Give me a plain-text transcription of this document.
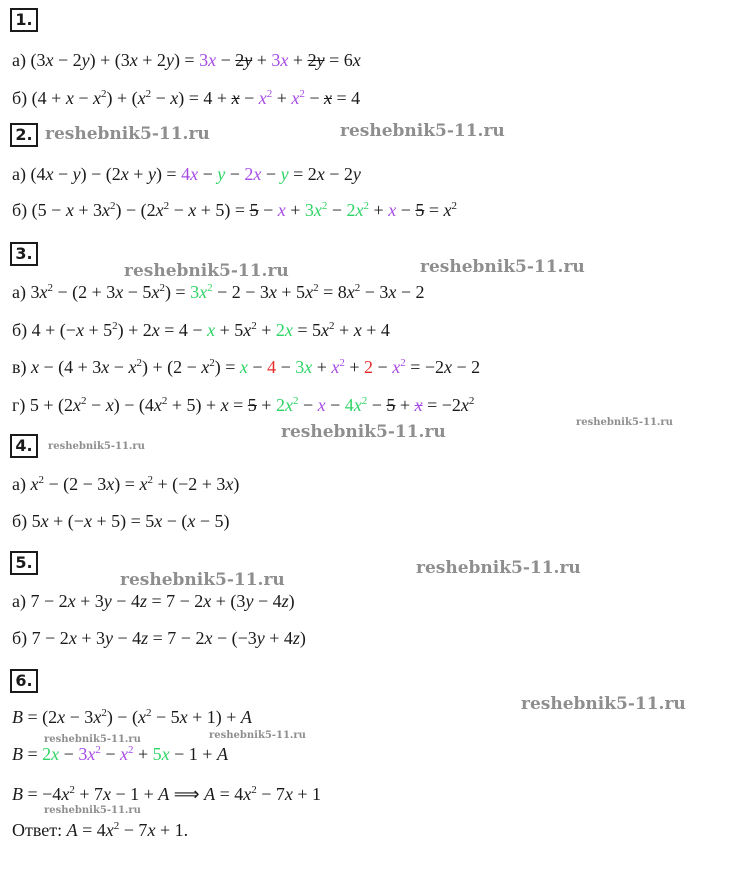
1.
а) (3x − 2y) + (3x + 2y) = 3x − 2y + 3x + 2y = 6x
б) $(4 + x - x^2) + (x^2 - x) = 4 + x - x^2 + x^2 - x = 4$
2. reshebnik5-11.ru	reshebnik5-11.ru
а) (4x − y) − (2x + y) = 4x − y − 2x − y = 2x − 2y
б) $(5 - x + 3x^2) - (2x^2 - x + 5) = 5 - x + 3x^2 - 2x^2 + x - 5 = x^2$
3.
reshebnik5-11.ru	reshebnik5-11.ru
а) $3x^2 - (2 + 3x - 5x^2) = 3x^2 - 2 - 3x + 5x^2 = 8x^2 - 3x - 2$
б) $4 + (-x + 5^2) + 2x = 4 - x + 5x^2 + 2x = 5x^2 + x + 4$
в) $x - (4 + 3x - x^2) + (2 - x^2) = x - 4 - 3x + x^2 + 2 - x^2 = -2x - 2$
г) $5 + (2x^2 - x) - (4x^2 + 5) + x = 5 + 2x^2 - x - 4x^2 - 5 + x = -2x^2$
4.	reshebnik5-11.ru
reshebnik5-11.ru	reshebnik5-11.ru
а) $x^2 - (2 - 3x) = x^2 + (-2 + 3x)$
б) 5x + (−x + 5) = 5x − (x − 5)
5.
reshebnik5-11.ru
reshebnik5-11.ru
а) 7 − 2x + 3y − 4z = 7 − 2x + (3y − 4z)
б) 7 − 2x + 3y − 4z = 7 − 2x − (−3y + 4z)
6.
reshebnik5-11.ru
$B = (2x - 3x^2) - (x^2 - 5x + 1) + A$
reshebnik5-11.ru	reshebnik5-11.ru
$B = 2x - 3x^2 - x^2 + 5x - 1 + A$
$B = -4x^2 + 7x - 1 + A$ ⟹ $A = 4x^2 - 7x + 1$
reshebnik5-11.ru
Ответ: $A = 4x^2 - 7x + 1$.
